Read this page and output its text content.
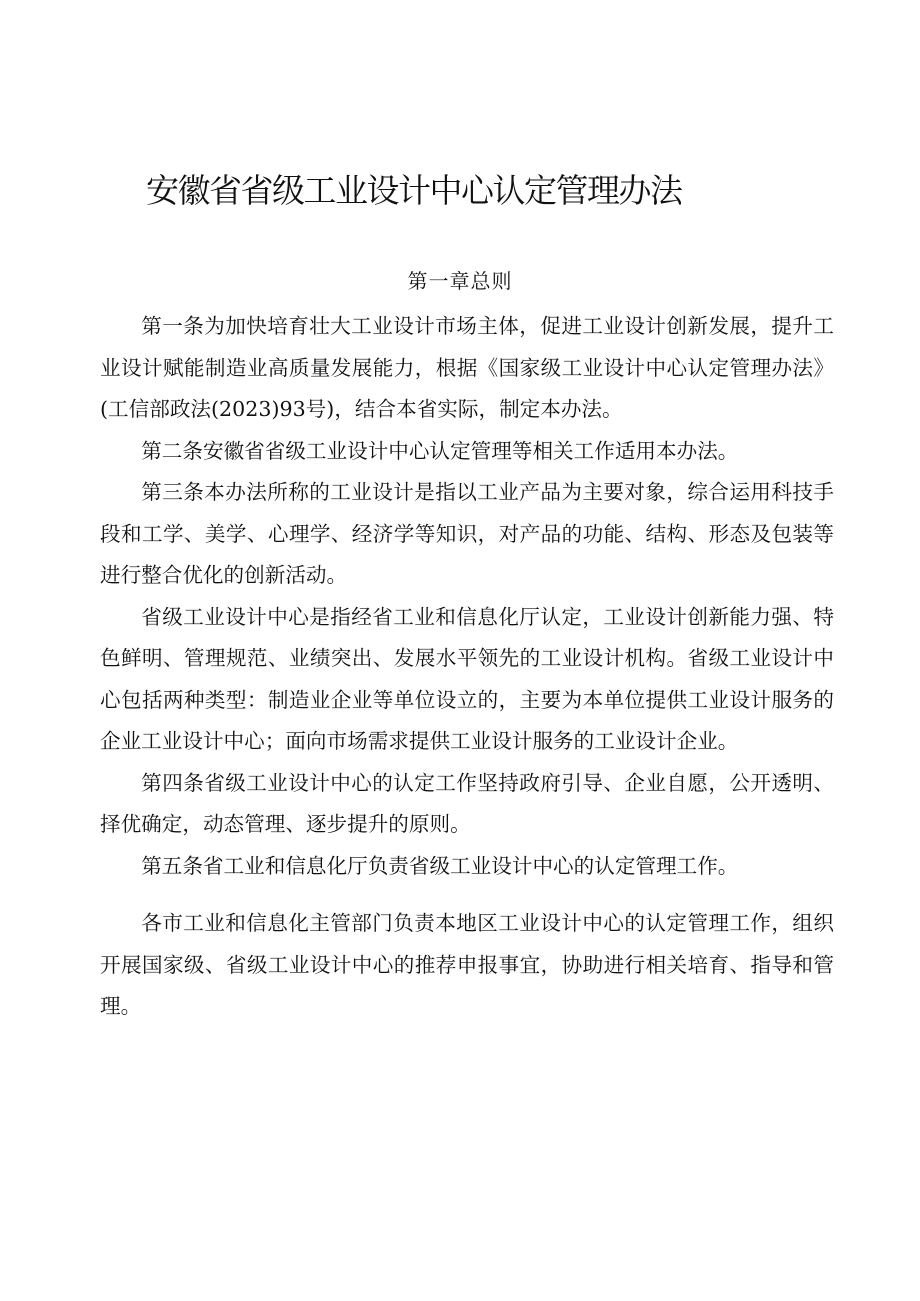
安徽省省级工业设计中心认定管理办法
第一章总则

第一条为加快培育壮大工业设计市场主体，促进工业设计创新发展，提升工业设计赋能制造业高质量发展能力，根据《国家级工业设计中心认定管理办法》(工信部政法(2023)93号)，结合本省实际，制定本办法。

第二条安徽省省级工业设计中心认定管理等相关工作适用本办法。

第三条本办法所称的工业设计是指以工业产品为主要对象，综合运用科技手段和工学、美学、心理学、经济学等知识，对产品的功能、结构、形态及包装等进行整合优化的创新活动。

省级工业设计中心是指经省工业和信息化厅认定，工业设计创新能力强、特色鲜明、管理规范、业绩突出、发展水平领先的工业设计机构。省级工业设计中心包括两种类型：制造业企业等单位设立的，主要为本单位提供工业设计服务的企业工业设计中心；面向市场需求提供工业设计服务的工业设计企业。

第四条省级工业设计中心的认定工作坚持政府引导、企业自愿，公开透明、择优确定，动态管理、逐步提升的原则。

第五条省工业和信息化厅负责省级工业设计中心的认定管理工作。

各市工业和信息化主管部门负责本地区工业设计中心的认定管理工作，组织开展国家级、省级工业设计中心的推荐申报事宜，协助进行相关培育、指导和管理。
